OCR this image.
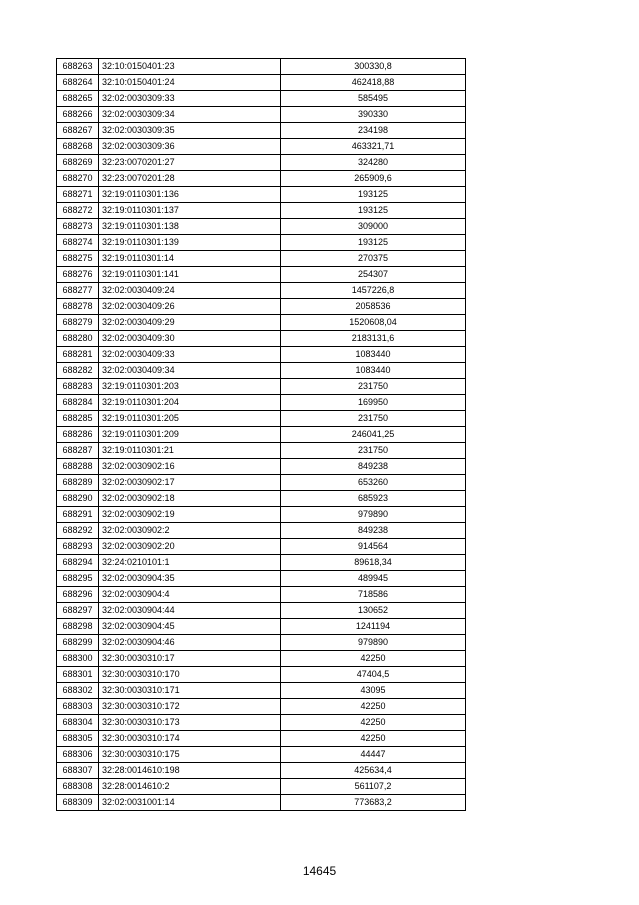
688263	32:10:0150401:23	300330,8
688264	32:10:0150401:24	462418,88
688265	32:02:0030309:33	585495
688266	32:02:0030309:34	390330
688267	32:02:0030309:35	234198
688268	32:02:0030309:36	463321,71
688269	32:23:0070201:27	324280
688270	32:23:0070201:28	265909,6
688271	32:19:0110301:136	193125
688272	32:19:0110301:137	193125
688273	32:19:0110301:138	309000
688274	32:19:0110301:139	193125
688275	32:19:0110301:14	270375
688276	32:19:0110301:141	254307
688277	32:02:0030409:24	1457226,8
688278	32:02:0030409:26	2058536
688279	32:02:0030409:29	1520608,04
688280	32:02:0030409:30	2183131,6
688281	32:02:0030409:33	1083440
688282	32:02:0030409:34	1083440
688283	32:19:0110301:203	231750
688284	32:19:0110301:204	169950
688285	32:19:0110301:205	231750
688286	32:19:0110301:209	246041,25
688287	32:19:0110301:21	231750
688288	32:02:0030902:16	849238
688289	32:02:0030902:17	653260
688290	32:02:0030902:18	685923
688291	32:02:0030902:19	979890
688292	32:02:0030902:2	849238
688293	32:02:0030902:20	914564
688294	32:24:0210101:1	89618,34
688295	32:02:0030904:35	489945
688296	32:02:0030904:4	718586
688297	32:02:0030904:44	130652
688298	32:02:0030904:45	1241194
688299	32:02:0030904:46	979890
688300	32:30:0030310:17	42250
688301	32:30:0030310:170	47404,5
688302	32:30:0030310:171	43095
688303	32:30:0030310:172	42250
688304	32:30:0030310:173	42250
688305	32:30:0030310:174	42250
688306	32:30:0030310:175	44447
688307	32:28:0014610:198	425634,4
688308	32:28:0014610:2	561107,2
688309	32:02:0031001:14	773683,2
14645
